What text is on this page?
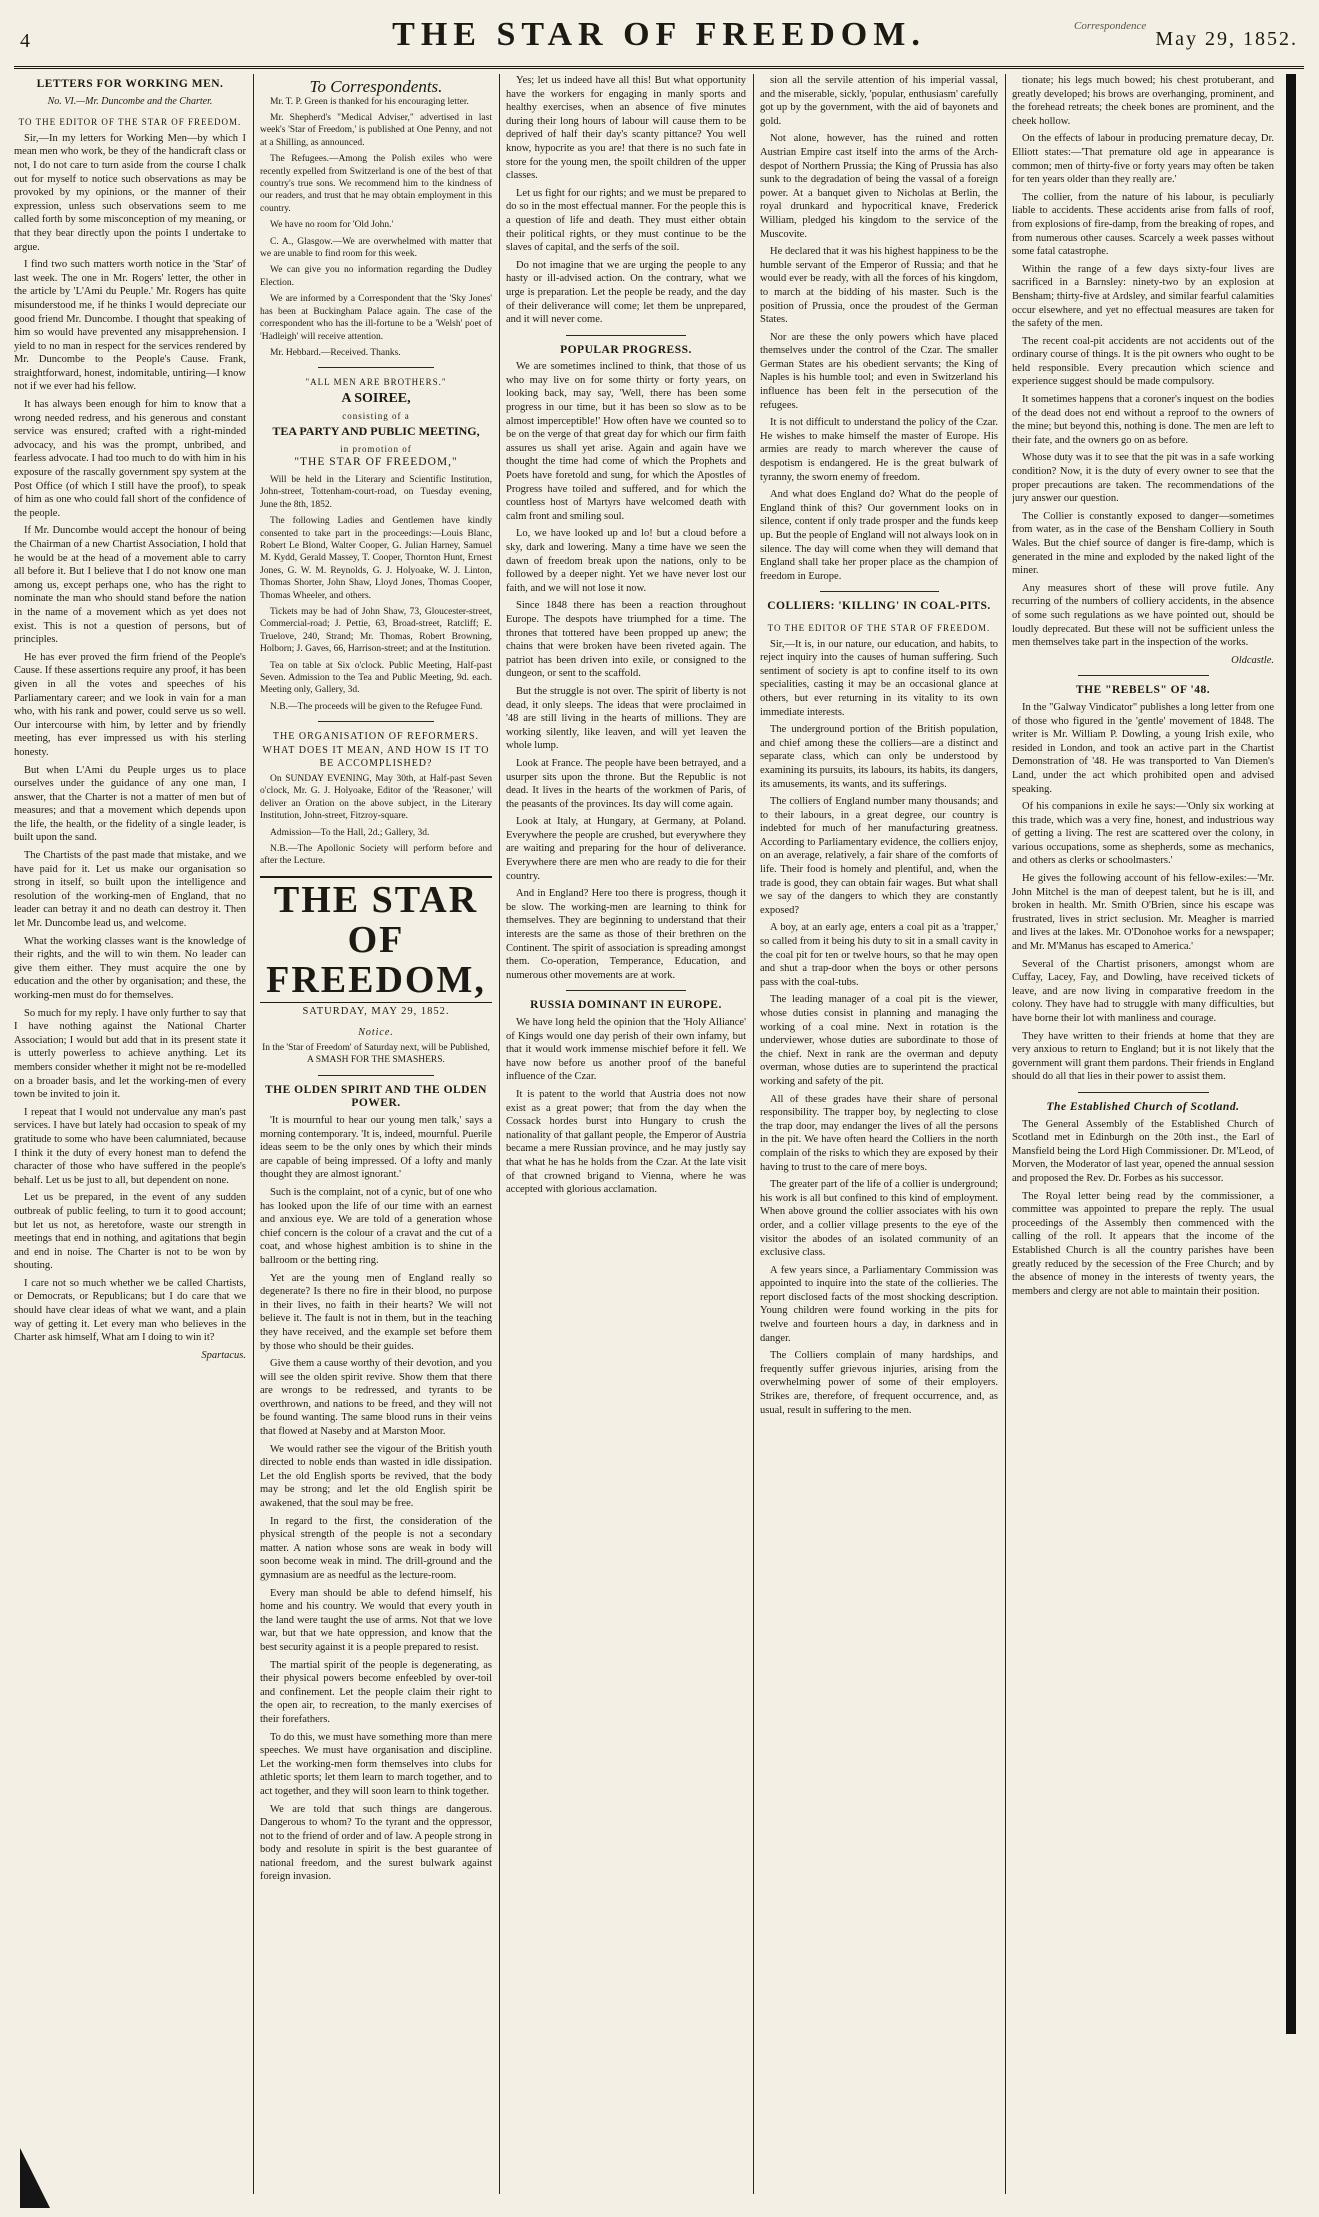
4	THE STAR OF FREEDOM.	Correspondence
May 29, 1852.
LETTERS FOR WORKING MEN.
No. VI.—Mr. Duncombe and the Charter.
TO THE EDITOR OF THE STAR OF FREEDOM.

Sir,—In my letters for Working Men—by which I mean men who work, be they of the handicraft class or not, I do not care to turn aside from the course I chalk out for myself to notice such observations as may be provoked by my opinions, or the manner of their expression, unless such observations seem to me called forth by some misconception of my meaning, or that they bear directly upon the points I undertake to argue.

I find two such matters worth notice in the 'Star' of last week. The one in Mr. Rogers' letter, the other in the article by 'L'Ami du Peuple.' Mr. Rogers has quite misunderstood me, if he thinks I would depreciate our good friend Mr. Duncombe. I thought that speaking of him so would have prevented any misapprehension. I yield to no man in respect for the services rendered by Mr. Duncombe to the People's Cause. Frank, straightforward, honest, indomitable, untiring—I know not if we ever had his fellow.

It has always been enough for him to know that a wrong needed redress, and his generous and constant service was ensured; crafted with a right-minded advocacy, and his was the prompt, unbribed, and fearless advocate. I had too much to do with him in his exposure of the rascally government spy system at the Post Office (of which I still have the proof), to speak of him as one who could fall short of the confidence of the people.

If Mr. Duncombe would accept the honour of being the Chairman of a new Chartist Association, I hold that he would be at the head of a movement able to carry all before it. But I believe that I do not know one man among us, except perhaps one, who has the right to nominate the man who should stand before the nation in the name of a movement which as yet does not exist. This is not a question of persons, but of principles.

He has ever proved the firm friend of the People's Cause. If these assertions require any proof, it has been given in all the votes and speeches of his Parliamentary career; and we look in vain for a man who, with his rank and power, could serve us so well. Our intercourse with him, by letter and by friendly meeting, has ever impressed us with his sterling honesty.

But when L'Ami du Peuple urges us to place ourselves under the guidance of any one man, I answer, that the Charter is not a matter of men but of measures; and that a movement which depends upon the life, the health, or the fidelity of a single leader, is built upon the sand.

The Chartists of the past made that mistake, and we have paid for it. Let us make our organisation so strong in itself, so built upon the intelligence and resolution of the working-men of England, that no leader can betray it and no death can destroy it. Then let Mr. Duncombe lead us, and welcome.

What the working classes want is the knowledge of their rights, and the will to win them. No leader can give them either. They must acquire the one by education and the other by organisation; and these, the working-men must do for themselves.

So much for my reply. I have only further to say that I have nothing against the National Charter Association; I would but add that in its present state it is utterly powerless to achieve anything. Let its members consider whether it might not be re-modelled on a broader basis, and let the working-men of every town be invited to join it.

I repeat that I would not undervalue any man's past services. I have but lately had occasion to speak of my gratitude to some who have been calumniated, because I think it the duty of every honest man to defend the character of those who have suffered in the people's behalf. Let us be just to all, but dependent on none.

Let us be prepared, in the event of any sudden outbreak of public feeling, to turn it to good account; but let us not, as heretofore, waste our strength in meetings that end in nothing, and agitations that begin and end in noise. The Charter is not to be won by shouting.

I care not so much whether we be called Chartists, or Democrats, or Republicans; but I do care that we should have clear ideas of what we want, and a plain way of getting it. Let every man who believes in the Charter ask himself, What am I doing to win it?

Spartacus.
To Correspondents.

Mr. T. P. Green is thanked for his encouraging letter.

Mr. Shepherd's "Medical Adviser," advertised in last week's 'Star of Freedom,' is published at One Penny, and not at a Shilling, as announced.

The Refugees.—Among the Polish exiles who were recently expelled from Switzerland is one of the best of that country's true sons. We recommend him to the kindness of our readers, and trust that he may obtain employment in this country.

We have no room for 'Old John.'

C. A., Glasgow.—We are overwhelmed with matter that we are unable to find room for this week.

We can give you no information regarding the Dudley Election.

We are informed by a Correspondent that the 'Sky Jones' has been at Buckingham Palace again. The case of the correspondent who has the ill-fortune to be a 'Welsh' poet of 'Hadleigh' will receive attention.

Mr. Hebbard.—Received. Thanks.

"ALL MEN ARE BROTHERS."
A SOIREE,
consisting of a
TEA PARTY AND PUBLIC MEETING,
in promotion of
"THE STAR OF FREEDOM,"

Will be held in the Literary and Scientific Institution, John-street, Tottenham-court-road, on Tuesday evening, June the 8th, 1852.

The following Ladies and Gentlemen have kindly consented to take part in the proceedings:—Louis Blanc, Robert Le Blond, Walter Cooper, G. Julian Harney, Samuel M. Kydd, Gerald Massey, T. Cooper, Thornton Hunt, Ernest Jones, G. W. M. Reynolds, G. J. Holyoake, W. J. Linton, Thomas Shorter, John Shaw, Lloyd Jones, Thomas Cooper, Thomas Wheeler, and others.

Tickets may be had of John Shaw, 73, Gloucester-street, Commercial-road; J. Pettie, 63, Broad-street, Ratcliff; E. Truelove, 240, Strand; Mr. Thomas, Robert Browning, Holborn; J. Gaves, 66, Harrison-street; and at the Institution.

Tea on table at Six o'clock. Public Meeting, Half-past Seven. Admission to the Tea and Public Meeting, 9d. each. Meeting only, Gallery, 3d.

N.B.—The proceeds will be given to the Refugee Fund.

THE ORGANISATION OF REFORMERS. WHAT DOES IT MEAN, AND HOW IS IT TO BE ACCOMPLISHED?

On SUNDAY EVENING, May 30th, at Half-past Seven o'clock, Mr. G. J. Holyoake, Editor of the 'Reasoner,' will deliver an Oration on the above subject, in the Literary Institution, John-street, Fitzroy-square.

Admission—To the Hall, 2d.; Gallery, 3d.

N.B.—The Apollonic Society will perform before and after the Lecture.

THE STAR OF FREEDOM,
SATURDAY, MAY 29, 1852.
Notice.
In the 'Star of Freedom' of Saturday next, will be Published, A SMASH FOR THE SMASHERS.
THE OLDEN SPIRIT AND THE OLDEN POWER.

'It is mournful to hear our young men talk,' says a morning contemporary. 'It is, indeed, mournful. Puerile ideas seem to be the only ones by which their minds are capable of being impressed. Of a lofty and manly thought they are almost ignorant.'

Such is the complaint, not of a cynic, but of one who has looked upon the life of our time with an earnest and anxious eye. We are told of a generation whose chief concern is the colour of a cravat and the cut of a coat, and whose highest ambition is to shine in the ballroom or the betting ring.

Yet are the young men of England really so degenerate? Is there no fire in their blood, no purpose in their lives, no faith in their hearts? We will not believe it. The fault is not in them, but in the teaching they have received, and the example set before them by those who should be their guides.

Give them a cause worthy of their devotion, and you will see the olden spirit revive. Show them that there are wrongs to be redressed, and tyrants to be overthrown, and nations to be freed, and they will not be found wanting. The same blood runs in their veins that flowed at Naseby and at Marston Moor.

We would rather see the vigour of the British youth directed to noble ends than wasted in idle dissipation. Let the old English sports be revived, that the body may be strong; and let the old English spirit be awakened, that the soul may be free.

In regard to the first, the consideration of the physical strength of the people is not a secondary matter. A nation whose sons are weak in body will soon become weak in mind. The drill-ground and the gymnasium are as needful as the lecture-room.

Every man should be able to defend himself, his home and his country. We would that every youth in the land were taught the use of arms. Not that we love war, but that we hate oppression, and know that the best security against it is a people prepared to resist.

The martial spirit of the people is degenerating, as their physical powers become enfeebled by over-toil and confinement. Let the people claim their right to the open air, to recreation, to the manly exercises of their forefathers.

To do this, we must have something more than mere speeches. We must have organisation and discipline. Let the working-men form themselves into clubs for athletic sports; let them learn to march together, and to act together, and they will soon learn to think together.

We are told that such things are dangerous. Dangerous to whom? To the tyrant and the oppressor, not to the friend of order and of law. A people strong in body and resolute in spirit is the best guarantee of national freedom, and the surest bulwark against foreign invasion.

Yes; let us indeed have all this! But what opportunity have the workers for engaging in manly sports and healthy exercises, when an absence of five minutes during their long hours of labour will cause them to be deprived of half their day's scanty pittance? You well know, hypocrite as you are! that there is no such fate in store for the young men, the spoilt children of the upper classes.

Let us fight for our rights; and we must be prepared to do so in the most effectual manner. For the people this is a question of life and death. They must either obtain their political rights, or they must continue to be the slaves of capital, and the serfs of the soil.

Do not imagine that we are urging the people to any hasty or ill-advised action. On the contrary, what we urge is preparation. Let the people be ready, and the day of their deliverance will come; let them be unprepared, and it will never come.

POPULAR PROGRESS.

We are sometimes inclined to think, that those of us who may live on for some thirty or forty years, on looking back, may say, 'Well, there has been some progress in our time, but it has been so slow as to be almost imperceptible!' How often have we counted so to be on the verge of that great day for which our firm faith assures us shall yet arise. Again and again have we thought the time had come of which the Prophets and Poets have foretold and sung, for which the Apostles of Progress have toiled and suffered, and for which the countless host of Martyrs have welcomed death with calm front and smiling soul.

Lo, we have looked up and lo! but a cloud before a sky, dark and lowering. Many a time have we seen the dawn of freedom break upon the nations, only to be followed by a deeper night. Yet we have never lost our faith, and we will not lose it now.

Since 1848 there has been a reaction throughout Europe. The despots have triumphed for a time. The thrones that tottered have been propped up anew; the chains that were broken have been riveted again. The patriot has been driven into exile, or consigned to the dungeon, or sent to the scaffold.

But the struggle is not over. The spirit of liberty is not dead, it only sleeps. The ideas that were proclaimed in '48 are still living in the hearts of millions. They are working silently, like leaven, and will yet leaven the whole lump.

Look at France. The people have been betrayed, and a usurper sits upon the throne. But the Republic is not dead. It lives in the hearts of the workmen of Paris, of the peasants of the provinces. Its day will come again.

Look at Italy, at Hungary, at Germany, at Poland. Everywhere the people are crushed, but everywhere they are waiting and preparing for the hour of deliverance. Everywhere there are men who are ready to die for their country.

And in England? Here too there is progress, though it be slow. The working-men are learning to think for themselves. They are beginning to understand that their interests are the same as those of their brethren on the Continent. The spirit of association is spreading amongst them. Co-operation, Temperance, Education, and numerous other movements are at work.

RUSSIA DOMINANT IN EUROPE.

We have long held the opinion that the 'Holy Alliance' of Kings would one day perish of their own infamy, but that it would work immense mischief before it fell. We have now before us another proof of the baneful influence of the Czar.

It is patent to the world that Austria does not now exist as a great power; that from the day when the Cossack hordes burst into Hungary to crush the nationality of that gallant people, the Emperor of Austria became a mere Russian province, and he may justly say that what he has he holds from the Czar. At the late visit of that crowned brigand to Vienna, where he was accepted with glorious acclamation.

sion all the servile attention of his imperial vassal, and the miserable, sickly, 'popular, enthusiasm' carefully got up by the government, with the aid of bayonets and gold.

Not alone, however, has the ruined and rotten Austrian Empire cast itself into the arms of the Arch-despot of Northern Prussia; the King of Prussia has also sunk to the degradation of being the vassal of a foreign power. At a banquet given to Nicholas at Berlin, the royal drunkard and hypocritical knave, Frederick William, pledged his kingdom to the service of the Muscovite.

He declared that it was his highest happiness to be the humble servant of the Emperor of Russia; and that he would ever be ready, with all the forces of his kingdom, to march at the bidding of his master. Such is the position of Prussia, once the proudest of the German States.

Nor are these the only powers which have placed themselves under the control of the Czar. The smaller German States are his obedient servants; the King of Naples is his humble tool; and even in Switzerland his influence has been felt in the persecution of the refugees.

It is not difficult to understand the policy of the Czar. He wishes to make himself the master of Europe. His armies are ready to march wherever the cause of despotism is endangered. He is the great bulwark of tyranny, the sworn enemy of freedom.

And what does England do? What do the people of England think of this? Our government looks on in silence, content if only trade prosper and the funds keep up. But the people of England will not always look on in silence. The day will come when they will demand that England shall take her proper place as the champion of freedom in Europe.

COLLIERS: 'KILLING' IN COAL-PITS.
TO THE EDITOR OF THE STAR OF FREEDOM.

Sir,—It is, in our nature, our education, and habits, to reject inquiry into the causes of human suffering. Such sentiment of society is apt to confine itself to its own specialities, casting it may be an occasional glance at others, but ever returning in its vitality to its own immediate interests.

The underground portion of the British population, and chief among these the colliers—are a distinct and separate class, which can only be understood by examining its pursuits, its labours, its habits, its dangers, its amusements, its wants, and its sufferings.

The colliers of England number many thousands; and to their labours, in a great degree, our country is indebted for much of her manufacturing greatness. According to Parliamentary evidence, the colliers enjoy, on an average, relatively, a fair share of the comforts of life. Their food is homely and plentiful, and, when the trade is good, they can obtain fair wages. But what shall we say of the dangers to which they are constantly exposed?

A boy, at an early age, enters a coal pit as a 'trapper,' so called from it being his duty to sit in a small cavity in the coal pit for ten or twelve hours, so that he may open and shut a trap-door when the boys or other persons pass with the coal-tubs.

The leading manager of a coal pit is the viewer, whose duties consist in planning and managing the working of a coal mine. Next in rotation is the underviewer, whose duties are subordinate to those of the chief. Next in rank are the overman and deputy overman, whose duties are to superintend the practical working and safety of the pit.

All of these grades have their share of personal responsibility. The trapper boy, by neglecting to close the trap door, may endanger the lives of all the persons in the pit. We have often heard the Colliers in the north complain of the risks to which they are exposed by their having to trust to the care of mere boys.

The greater part of the life of a collier is underground; his work is all but confined to this kind of employment. When above ground the collier associates with his own order, and a collier village presents to the eye of the visitor the abodes of an isolated community of an exclusive class.

A few years since, a Parliamentary Commission was appointed to inquire into the state of the collieries. The report disclosed facts of the most shocking description. Young children were found working in the pits for twelve and fourteen hours a day, in darkness and in danger.

The Colliers complain of many hardships, and frequently suffer grievous injuries, arising from the overwhelming power of some of their employers. Strikes are, therefore, of frequent occurrence, and, as usual, result in suffering to the men.

tionate; his legs much bowed; his chest protuberant, and greatly developed; his brows are overhanging, prominent, and the forehead retreats; the cheek bones are prominent, and the cheek hollow.

On the effects of labour in producing premature decay, Dr. Elliott states:—'That premature old age in appearance is common; men of thirty-five or forty years may often be taken for ten years older than they really are.'

The collier, from the nature of his labour, is peculiarly liable to accidents. These accidents arise from falls of roof, from explosions of fire-damp, from the breaking of ropes, and from numerous other causes. Scarcely a week passes without some fatal catastrophe.

Within the range of a few days sixty-four lives are sacrificed in a Barnsley: ninety-two by an explosion at Bensham; thirty-five at Ardsley, and similar fearful calamities occur elsewhere, and yet no effectual measures are taken for the safety of the men.

The recent coal-pit accidents are not accidents out of the ordinary course of things. It is the pit owners who ought to be held responsible. Every precaution which science and experience suggest should be made compulsory.

It sometimes happens that a coroner's inquest on the bodies of the dead does not end without a reproof to the owners of the mine; but beyond this, nothing is done. The men are left to their fate, and the owners go on as before.

Whose duty was it to see that the pit was in a safe working condition? Now, it is the duty of every owner to see that the proper precautions are taken. The recommendations of the jury answer our question.

The Collier is constantly exposed to danger—sometimes from water, as in the case of the Bensham Colliery in South Wales. But the chief source of danger is fire-damp, which is generated in the mine and exploded by the naked light of the miner.

Any measures short of these will prove futile. Any recurring of the numbers of colliery accidents, in the absence of some such regulations as we have pointed out, should be loudly deprecated. But these will not be sufficient unless the men themselves take part in the inspection of the works.

Oldcastle.
THE "REBELS" OF '48.

In the "Galway Vindicator" publishes a long letter from one of those who figured in the 'gentle' movement of 1848. The writer is Mr. William P. Dowling, a young Irish exile, who resided in London, and took an active part in the Chartist Demonstration of '48. He was transported to Van Diemen's Land, under the act which prohibited open and advised speaking.

Of his companions in exile he says:—'Only six working at this trade, which was a very fine, honest, and industrious way of getting a living. The rest are scattered over the colony, in various occupations, some as shepherds, some as mechanics, and others as clerks or schoolmasters.'

He gives the following account of his fellow-exiles:—'Mr. John Mitchel is the man of deepest talent, but he is ill, and broken in health. Mr. Smith O'Brien, since his escape was frustrated, lives in strict seclusion. Mr. Meagher is married and lives at the lakes. Mr. O'Donohoe works for a newspaper; and Mr. M'Manus has escaped to America.'

Several of the Chartist prisoners, amongst whom are Cuffay, Lacey, Fay, and Dowling, have received tickets of leave, and are now living in comparative freedom in the colony. They have had to struggle with many difficulties, but have borne their lot with manliness and courage.

They have written to their friends at home that they are very anxious to return to England; but it is not likely that the government will grant them pardons. Their friends in England should do all that lies in their power to assist them.

The Established Church of Scotland.

The General Assembly of the Established Church of Scotland met in Edinburgh on the 20th inst., the Earl of Mansfield being the Lord High Commissioner. Dr. M'Leod, of Morven, the Moderator of last year, opened the annual session and proposed the Rev. Dr. Forbes as his successor.

The Royal letter being read by the commissioner, a committee was appointed to prepare the reply. The usual proceedings of the Assembly then commenced with the calling of the roll. It appears that the income of the Established Church is all the country parishes have been greatly reduced by the secession of the Free Church; and by the absence of money in the interests of twenty years, the members and clergy are not able to maintain their position.
